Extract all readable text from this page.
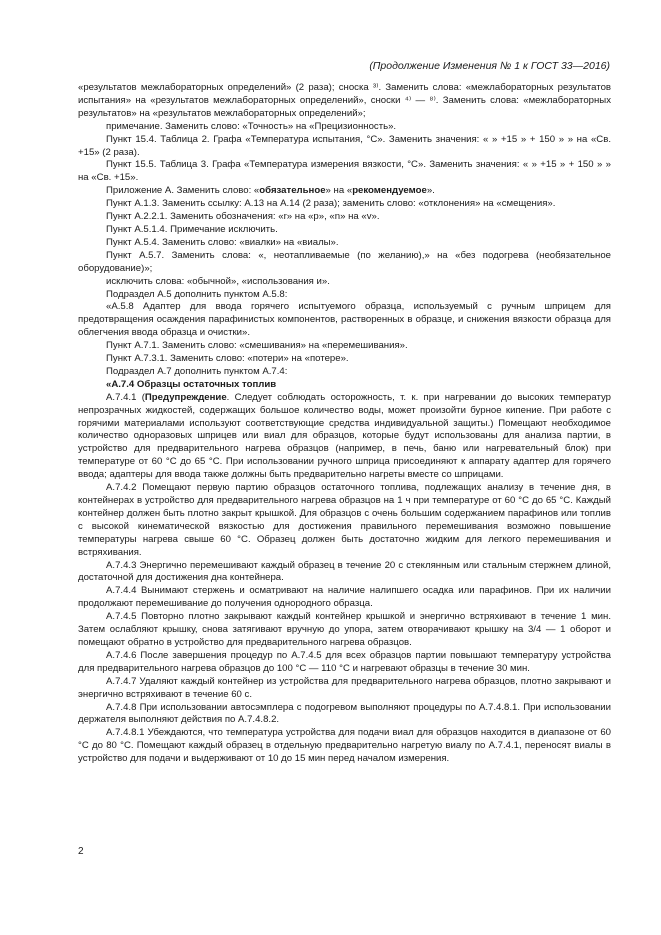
(Продолжение Изменения № 1 к ГОСТ 33—2016)

«результатов межлабораторных определений» (2 раза); сноска ³⁾. Заменить слова: «межлабораторных результатов испытания» на «результатов межлабораторных определений», сноски ⁴⁾ — ⁸⁾. Заменить слова: «межлабораторных результатов» на «результатов межлабораторных определений»;

примечание. Заменить слово: «Точность» на «Прецизионность».

Пункт 15.4. Таблица 2. Графа «Температура испытания, °С». Заменить значения: « » +15 » + 150 » » на «Св. +15» (2 раза).

Пункт 15.5. Таблица 3. Графа «Температура измерения вязкости, °С». Заменить значения: « » +15 » + 150 » » на «Св. +15».

Приложение А. Заменить слово: «обязательное» на «рекомендуемое».

Пункт А.1.3. Заменить ссылку: А.13 на А.14 (2 раза); заменить слово: «отклонения» на «смещения».

Пункт А.2.2.1. Заменить обозначения: «r» на «p», «n» на «v».

Пункт А.5.1.4. Примечание исключить.

Пункт А.5.4. Заменить слово: «виалки» на «виалы».

Пункт А.5.7. Заменить слова: «, неотапливаемые (по желанию),» на «без подогрева (необязательное оборудование)»;

исключить слова: «обычной», «использования и».

Подраздел А.5 дополнить пунктом А.5.8:

«А.5.8 Адаптер для ввода горячего испытуемого образца, используемый с ручным шприцем для предотвращения осаждения парафинистых компонентов, растворенных в образце, и снижения вязкости образца для облегчения ввода образца и очистки».

Пункт А.7.1. Заменить слово: «смешивания» на «перемешивания».

Пункт А.7.3.1. Заменить слово: «потери» на «потере».

Подраздел А.7 дополнить пунктом А.7.4:

«А.7.4 Образцы остаточных топлив

А.7.4.1 (Предупреждение. Следует соблюдать осторожность, т. к. при нагревании до высоких температур непрозрачных жидкостей, содержащих большое количество воды, может произойти бурное кипение. При работе с горячими материалами используют соответствующие средства индивидуальной защиты.) Помещают необходимое количество одноразовых шприцев или виал для образцов, которые будут использованы для анализа партии, в устройство для предварительного нагрева образцов (например, в печь, баню или нагревательный блок) при температуре от 60 °С до 65 °С. При использовании ручного шприца присоединяют к аппарату адаптер для горячего ввода; адаптеры для ввода также должны быть предварительно нагреты вместе со шприцами.

А.7.4.2 Помещают первую партию образцов остаточного топлива, подлежащих анализу в течение дня, в контейнерах в устройство для предварительного нагрева образцов на 1 ч при температуре от 60 °С до 65 °С. Каждый контейнер должен быть плотно закрыт крышкой. Для образцов с очень большим содержанием парафинов или топлив с высокой кинематической вязкостью для достижения правильного перемешивания возможно повышение температуры нагрева свыше 60 °С. Образец должен быть достаточно жидким для легкого перемешивания и встряхивания.

А.7.4.3 Энергично перемешивают каждый образец в течение 20 с стеклянным или стальным стержнем длиной, достаточной для достижения дна контейнера.

А.7.4.4 Вынимают стержень и осматривают на наличие налипшего осадка или парафинов. При их наличии продолжают перемешивание до получения однородного образца.

А.7.4.5 Повторно плотно закрывают каждый контейнер крышкой и энергично встряхивают в течение 1 мин. Затем ослабляют крышку, снова затягивают вручную до упора, затем отворачивают крышку на 3/4 — 1 оборот и помещают обратно в устройство для предварительного нагрева образцов.

А.7.4.6 После завершения процедур по А.7.4.5 для всех образцов партии повышают температуру устройства для предварительного нагрева образцов до 100 °С — 110 °С и нагревают образцы в течение 30 мин.

А.7.4.7 Удаляют каждый контейнер из устройства для предварительного нагрева образцов, плотно закрывают и энергично встряхивают в течение 60 с.

А.7.4.8 При использовании автосэмплера с подогревом выполняют процедуры по А.7.4.8.1. При использовании держателя выполняют действия по А.7.4.8.2.

А.7.4.8.1 Убеждаются, что температура устройства для подачи виал для образцов находится в диапазоне от 60 °С до 80 °С. Помещают каждый образец в отдельную предварительно нагретую виалу по А.7.4.1, переносят виалы в устройство для подачи и выдерживают от 10 до 15 мин перед началом измерения.

2
